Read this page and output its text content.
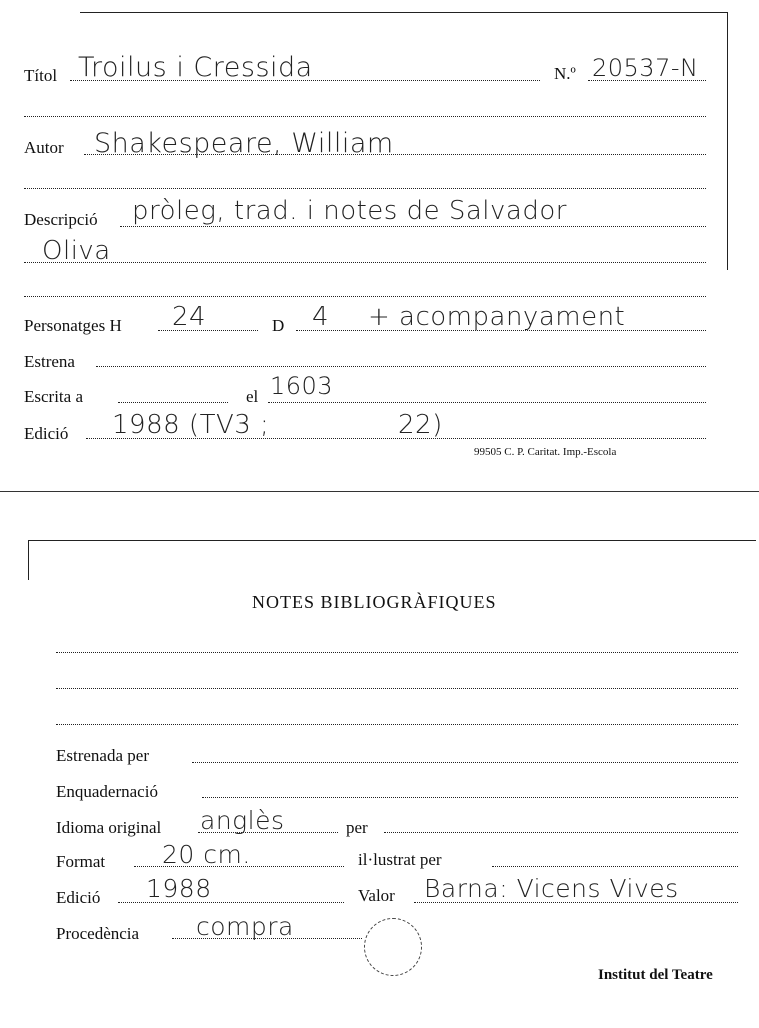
Títol Troilus i Cressida	N.º 20537-N
Autor Shakespeare, William
Descripció pròleg, trad. i notes de Salvador
Oliva
Personatges H 24	D 4 + acompanyament
Estrena
Escrita a	el 1603
Edició 1988 (TV3 ;	22)
99505 C. P. Caritat. Imp.-Escola
NOTES BIBLIOGRÀFIQUES
Estrenada per
Enquadernació
Idioma original anglès	per
Format 20 cm.	il·lustrat per
Edició 1988	Valor Barna: Vicens Vives
Procedència compra
Institut del Teatre
